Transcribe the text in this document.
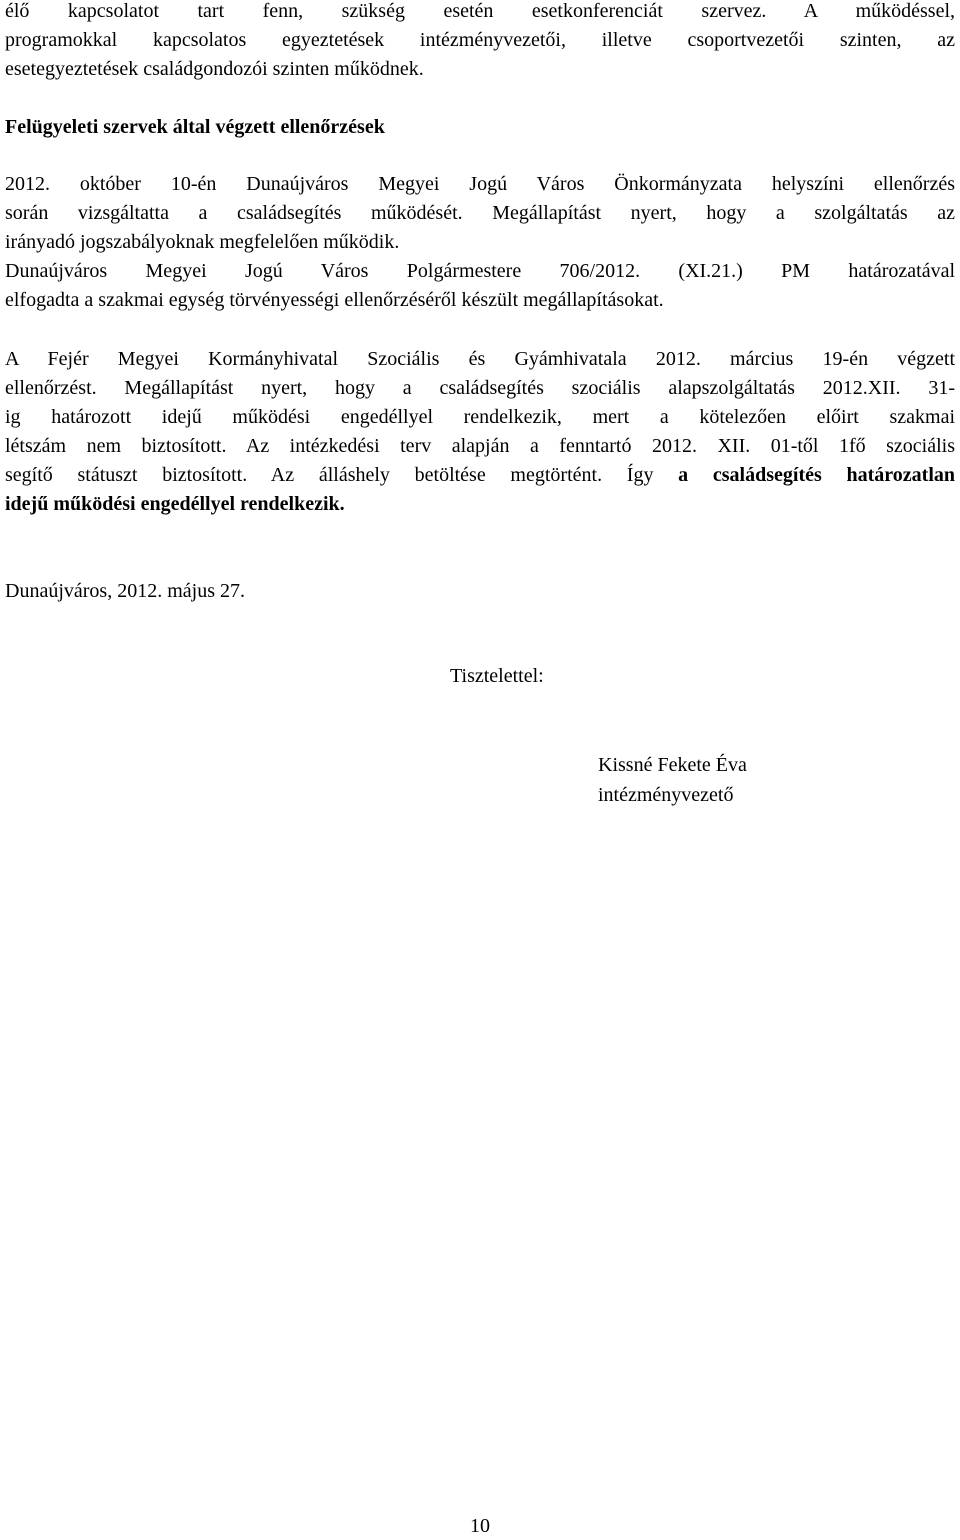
élő kapcsolatot tart fenn, szükség esetén esetkonferenciát szervez. A működéssel,
programokkal kapcsolatos egyeztetések intézményvezetői, illetve csoportvezetői szinten, az
esetegyeztetések családgondozói szinten működnek.
Felügyeleti szervek által végzett ellenőrzések
2012. október 10-én Dunaújváros Megyei Jogú Város Önkormányzata helyszíni ellenőrzés
során vizsgáltatta a családsegítés működését. Megállapítást nyert, hogy a szolgáltatás az
irányadó jogszabályoknak megfelelően működik.
Dunaújváros Megyei Jogú Város Polgármestere 706/2012. (XI.21.) PM határozatával
elfogadta a szakmai egység törvényességi ellenőrzéséről készült megállapításokat.
A Fejér Megyei Kormányhivatal Szociális és Gyámhivatala 2012. március 19-én végzett
ellenőrzést. Megállapítást nyert, hogy a családsegítés szociális alapszolgáltatás 2012.XII. 31-
ig határozott idejű működési engedéllyel rendelkezik, mert a kötelezően előirt szakmai
létszám nem biztosított. Az intézkedési terv alapján a fenntartó 2012. XII. 01-től 1fő szociális
segítő státuszt biztosított. Az álláshely betöltése megtörtént. Így a családsegítés határozatlan
idejű működési engedéllyel rendelkezik.
Dunaújváros, 2012. május 27.
Tisztelettel:
Kissné Fekete Éva
intézményvezető
10
